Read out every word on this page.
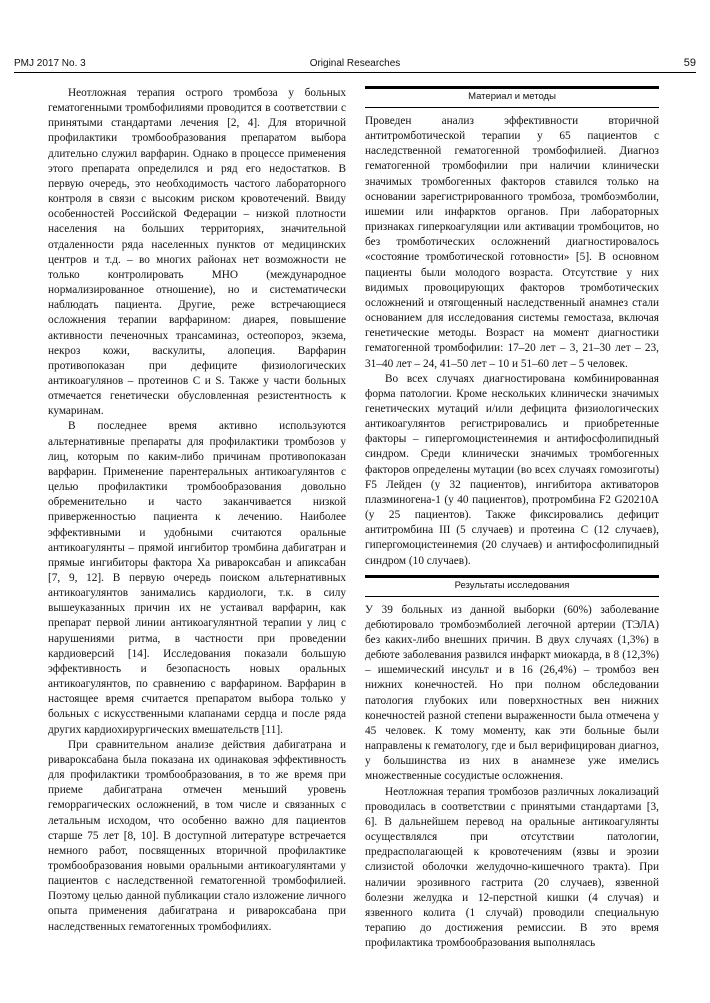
PMJ 2017 No. 3	Original Researches	59

Неотложная терапия острого тромбоза у больных гематогенными тромбофилиями проводится в соответствии с принятыми стандартами лечения [2, 4]. Для вторичной профилактики тромбообразования препаратом выбора длительно служил варфарин. Однако в процессе применения этого препарата определился и ряд его недостатков. В первую очередь, это необходимость частого лабораторного контроля в связи с высоким риском кровотечений. Ввиду особенностей Российской Федерации – низкой плотности населения на больших территориях, значительной отдаленности ряда населенных пунктов от медицинских центров и т.д. – во многих районах нет возможности не только контролировать МНО (международное нормализированное отношение), но и систематически наблюдать пациента. Другие, реже встречающиеся осложнения терапии варфарином: диарея, повышение активности печеночных трансаминаз, остеопороз, экзема, некроз кожи, васкулиты, алопеция. Варфарин противопоказан при дефиците физиологических антикоагулянов – протеинов С и S. Также у части больных отмечается генетически обусловленная резистентность к кумаринам.

В последнее время активно используются альтернативные препараты для профилактики тромбозов у лиц, которым по каким-либо причинам противопоказан варфарин. Применение парентеральных антикоагулянтов с целью профилактики тромбообразования довольно обременительно и часто заканчивается низкой приверженностью пациента к лечению. Наиболее эффективными и удобными считаются оральные антикоагулянты – прямой ингибитор тромбина дабигатран и прямые ингибиторы фактора Ха ривароксабан и апиксабан [7, 9, 12]. В первую очередь поиском альтернативных антикоагулянтов занимались кардиологи, т.к. в силу вышеуказанных причин их не устаивал варфарин, как препарат первой линии антикоагулянтной терапии у лиц с нарушениями ритма, в частности при проведении кардиоверсий [14]. Исследования показали большую эффективность и безопасность новых оральных антикоагулянтов, по сравнению с варфарином. Варфарин в настоящее время считается препаратом выбора только у больных с искусственными клапанами сердца и после ряда других кардиохирургических вмешательств [11].

При сравнительном анализе действия дабигатрана и ривароксабана была показана их одинаковая эффективность для профилактики тромбообразования, в то же время при приеме дабигатрана отмечен меньший уровень геморрагических осложнений, в том числе и связанных с летальным исходом, что особенно важно для пациентов старше 75 лет [8, 10]. В доступной литературе встречается немного работ, посвященных вторичной профилактике тромбообразования новыми оральными антикоагулянтами у пациентов с наследственной гематогенной тромбофилией. Поэтому целью данной публикации стало изложение личного опыта применения дабигатрана и ривароксабана при наследственных гематогенных тромбофилиях.

Материал и методы

Проведен анализ эффективности вторичной антитромботической терапии у 65 пациентов с наследственной гематогенной тромбофилией. Диагноз гематогенной тромбофилии при наличии клинически значимых тромбогенных факторов ставился только на основании зарегистрированного тромбоза, тромбоэмболии, ишемии или инфарктов органов. При лабораторных признаках гиперкоагуляции или активации тромбоцитов, но без тромботических осложнений диагностировалось «состояние тромботической готовности» [5]. В основном пациенты были молодого возраста. Отсутствие у них видимых провоцирующих факторов тромботических осложнений и отягощенный наследственный анамнез стали основанием для исследования системы гемостаза, включая генетические методы. Возраст на момент диагностики гематогенной тромбофилии: 17–20 лет – 3, 21–30 лет – 23, 31–40 лет – 24, 41–50 лет – 10 и 51–60 лет – 5 человек.

Во всех случаях диагностирована комбинированная форма патологии. Кроме нескольких клинически значимых генетических мутаций и/или дефицита физиологических антикоагулянтов регистрировались и приобретенные факторы – гипергомоцистеинемия и антифосфолипидный синдром. Среди клинически значимых тромбогенных факторов определены мутации (во всех случаях гомозиготы) F5 Лейден (у 32 пациентов), ингибитора активаторов плазминогена-1 (у 40 пациентов), протромбина F2 G20210A (у 25 пациентов). Также фиксировались дефицит антитромбина III (5 случаев) и протеина С (12 случаев), гипергомоцистеинемия (20 случаев) и антифосфолипидный синдром (10 случаев).

Результаты исследования

У 39 больных из данной выборки (60%) заболевание дебютировало тромбоэмболией легочной артерии (ТЭЛА) без каких-либо внешних причин. В двух случаях (1,3%) в дебюте заболевания развился инфаркт миокарда, в 8 (12,3%) – ишемический инсульт и в 16 (26,4%) – тромбоз вен нижних конечностей. Но при полном обследовании патология глубоких или поверхностных вен нижних конечностей разной степени выраженности была отмечена у 45 человек. К тому моменту, как эти больные были направлены к гематологу, где и был верифицирован диагноз, у большинства из них в анамнезе уже имелись множественные сосудистые осложнения.

Неотложная терапия тромбозов различных локализаций проводилась в соответствии с принятыми стандартами [3, 6]. В дальнейшем перевод на оральные антикоагулянты осуществлялся при отсутствии патологии, предрасполагающей к кровотечениям (язвы и эрозии слизистой оболочки желудочно-кишечного тракта). При наличии эрозивного гастрита (20 случаев), язвенной болезни желудка и 12-перстной кишки (4 случая) и язвенного колита (1 случай) проводили специальную терапию до достижения ремиссии. В это время профилактика тромбообразования выполнялась
